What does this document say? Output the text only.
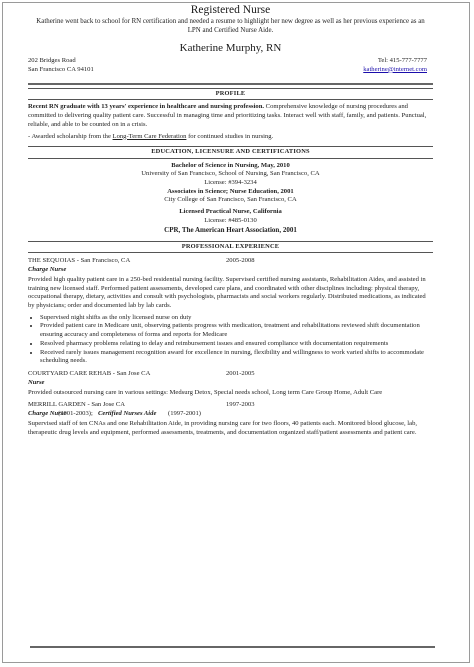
Registered Nurse
Katherine went back to school for RN certification and needed a resume to highlight her new degree as well as her previous experience as an LPN and Certified Nurse Aide.
Katherine Murphy, RN
202 Bridges Road
San Francisco CA 94101
Tel: 415-777-7777
katherine@internet.com
PROFILE
Recent RN graduate with 13 years' experience in healthcare and nursing profession. Comprehensive knowledge of nursing procedures and committed to delivering quality patient care. Successful in managing time and prioritizing tasks. Interact well with staff, family, and patients. Punctual, reliable, and able to be counted on in a crisis.
- Awarded scholarship from the Long-Term Care Federation for continued studies in nursing.
EDUCATION, LICENSURE AND CERTIFICATIONS
Bachelor of Science in Nursing, May, 2010
University of San Francisco, School of Nursing, San Francisco, CA
License: #394-3234
Associates in Science; Nurse Education, 2001
City College of San Francisco, San Francisco, CA
Licensed Practical Nurse, California
License: #485-0130
CPR, The American Heart Association, 2001
PROFESSIONAL EXPERIENCE
THE SEQUOIAS - San Francisco, CA	2005-2008
Charge Nurse
Provided high quality patient care in a 250-bed residential nursing facility. Supervised certified nursing assistants, Rehabilitation Aides, and assisted in training new licensed staff. Performed patient assessments, developed care plans, and coordinated with other disciplines including: physical therapy, occupational therapy, dietary, activities and consult with psychologists, pharmacists and social workers regularly. Distributed medications, as indicated by physicians; order and documented lab by lab cards.
• Supervised night shifts as the only licensed nurse on duty
• Provided patient care in Medicare unit, observing patients progress with medication, treatment and rehabilitations reviewed shift documentation ensuring accuracy and completeness of forms and reports for Medicare
• Resolved pharmacy problems relating to delay and reimbursement issues and ensured compliance with documentation requirements
• Received rarely issues management recognition award for excellence in nursing, flexibility and willingness to work varied shifts to accommodate scheduling needs.
COURTYARD CARE REHAB - San Jose CA	2001-2005
Nurse
Provided outsourced nursing care in various settings: Medsurg Detox, Special needs school, Long term Care Group Home, Adult Care
MERRILL GARDEN - San Jose CA	1997-2003
Charge Nurse
(2001-2003); Certified Nurses Aide (1997-2001)
Supervised staff of ten CNAs and one Rehabilitation Aide, in providing nursing care for two floors, 40 patients each. Monitored blood glucose, lab, therapeutic drug levels and equipment, performed assessments, treatments, and documentation organized staff/patient assessments and patient care.
